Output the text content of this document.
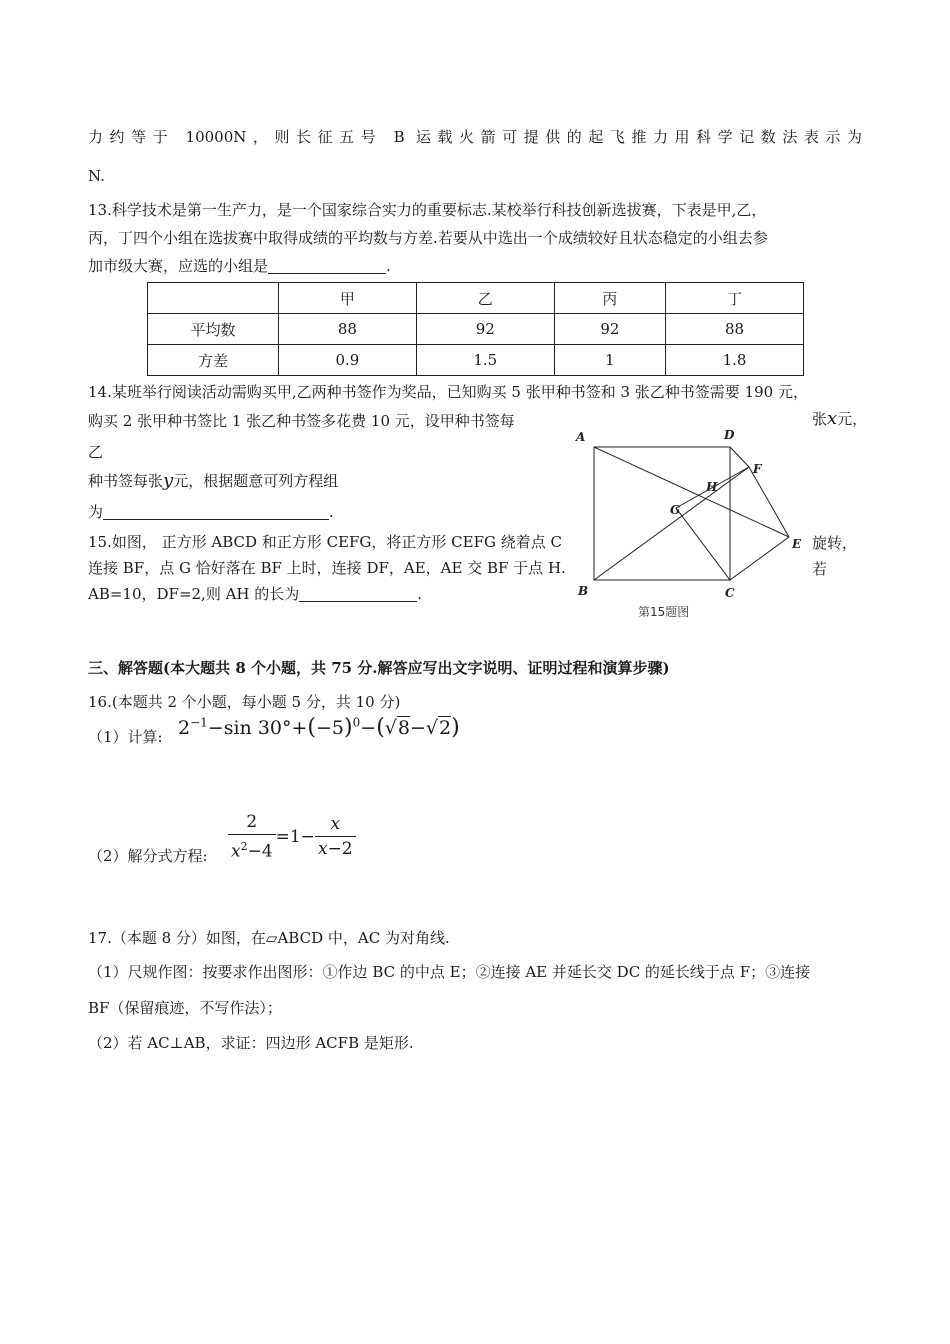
力约等于 10000N，则长征五号 B 运载火箭可提供的起飞推力用科学记数法表示为
N.
13.科学技术是第一生产力，是一个国家综合实力的重要标志.某校举行科技创新选拔赛，下表是甲,乙，
丙，丁四个小组在选拔赛中取得成绩的平均数与方差.若要从中选出一个成绩较好且状态稳定的小组去参
加市级大赛，应选的小组是	.
	甲	乙	丙	丁
平均数	88	92	92	88
方差	0.9	1.5	1	1.8
14.某班举行阅读活动需购买甲,乙两种书签作为奖品，已知购买 5 张甲种书签和 3 张乙种书签需要 190 元，
购买 2 张甲种书签比 1 张乙种书签多花费 10 元，设甲种书签每	张x元，
乙
种书签每张y元，根据题意可列方程组
为	.
15.如图， 正方形 ABCD 和正方形 CEFG，将正方形 CEFG 绕着点 C	旋转，
连接 BF，点 G 恰好落在 BF 上时，连接 DF，AE，AE 交 BF 于点 H.	若
AB=10，DF=2,则 AH 的长为	.
A	D
F
H
G
E
B	C
第15题图
三、解答题(本大题共 8 个小题，共 75 分.解答应写出文字说明、证明过程和演算步骤)
16.(本题共 2 个小题，每小题 5 分，共 10 分)
（1）计算: $2^{-1}-\sin$ $30^\circ+(-5)^0-(√8-√2)$
（2）解分式方程: $\frac{2}{x^2-4} =1- \frac{x}{x-2}$
17.（本题 8 分）如图，在▱ABCD 中，AC 为对角线.
（1）尺规作图：按要求作出图形：①作边 BC 的中点 E；②连接 AE 并延长交 DC 的延长线于点 F；③连接
BF（保留痕迹，不写作法）；
（2）若 AC⊥AB，求证：四边形 ACFB 是矩形.
